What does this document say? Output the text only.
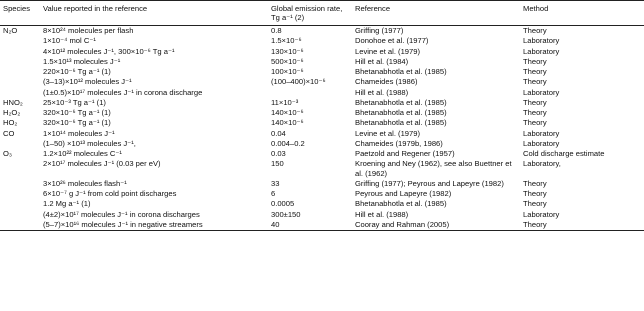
Species	Value reported in the reference	Global emission rate, Tg a⁻¹ (2)	Reference	Method
N₂O	8×10²⁴ molecules per flash	0.8	Griffing (1977)	Theory
	1×10⁻⁴ mol C⁻¹	1.5×10⁻⁶	Donohoe et al. (1977)	Laboratory
	4×10¹² molecules J⁻¹, 300×10⁻⁶ Tg a⁻¹	130×10⁻⁶	Levine et al. (1979)	Laboratory
	1.5×10¹³ molecules J⁻¹	500×10⁻⁶	Hill et al. (1984)	Theory
	220×10⁻⁶ Tg a⁻¹ (1)	100×10⁻⁶	Bhetanabhotla et al. (1985)	Theory
	(3–13)×10¹² molecules J⁻¹	(100–400)×10⁻⁶	Chameides (1986)	Theory
	(1±0.5)×10¹⁷ molecules J⁻¹ in corona discharge		Hill et al. (1988)	Laboratory
HNO₂	25×10⁻³ Tg a⁻¹ (1)	11×10⁻³	Bhetanabhotla et al. (1985)	Theory
H₂O₂	320×10⁻⁶ Tg a⁻¹ (1)	140×10⁻⁶	Bhetanabhotla et al. (1985)	Theory
HO₂	320×10⁻⁶ Tg a⁻¹ (1)	140×10⁻⁶	Bhetanabhotla et al. (1985)	Theory
CO	1×10¹⁴ molecules J⁻¹	0.04	Levine et al. (1979)	Laboratory
	(1–50) ×10¹³ molecules J⁻¹,	0.004–0.2	Chameides (1979b, 1986)	Laboratory
O₃	1.2×10²² molecules C⁻¹	0.03	Paetzold and Regener (1957)	Cold discharge estimate
	2×10¹⁷ molecules J⁻¹ (0.03 per eV)	150	Kroening and Ney (1962), see also Buettner et al. (1962)	Laboratory,
	3×10²⁶ molecules flash⁻¹	33	Griffing (1977); Peyrous and Lapeyre (1982)	Theory
	6×10⁻⁷ g J⁻¹ from cold point discharges	6	Peyrous and Lapeyre (1982)	Theory
	1.2 Mg a⁻¹ (1)	0.0005	Bhetanabhotla et al. (1985)	Theory
	(4±2)×10¹⁷ molecules J⁻¹ in corona discharges	300±150	Hill et al. (1988)	Laboratory
	(5–7)×10¹⁶ molecules J⁻¹ in negative streamers	40	Cooray and Rahman (2005)	Theory
